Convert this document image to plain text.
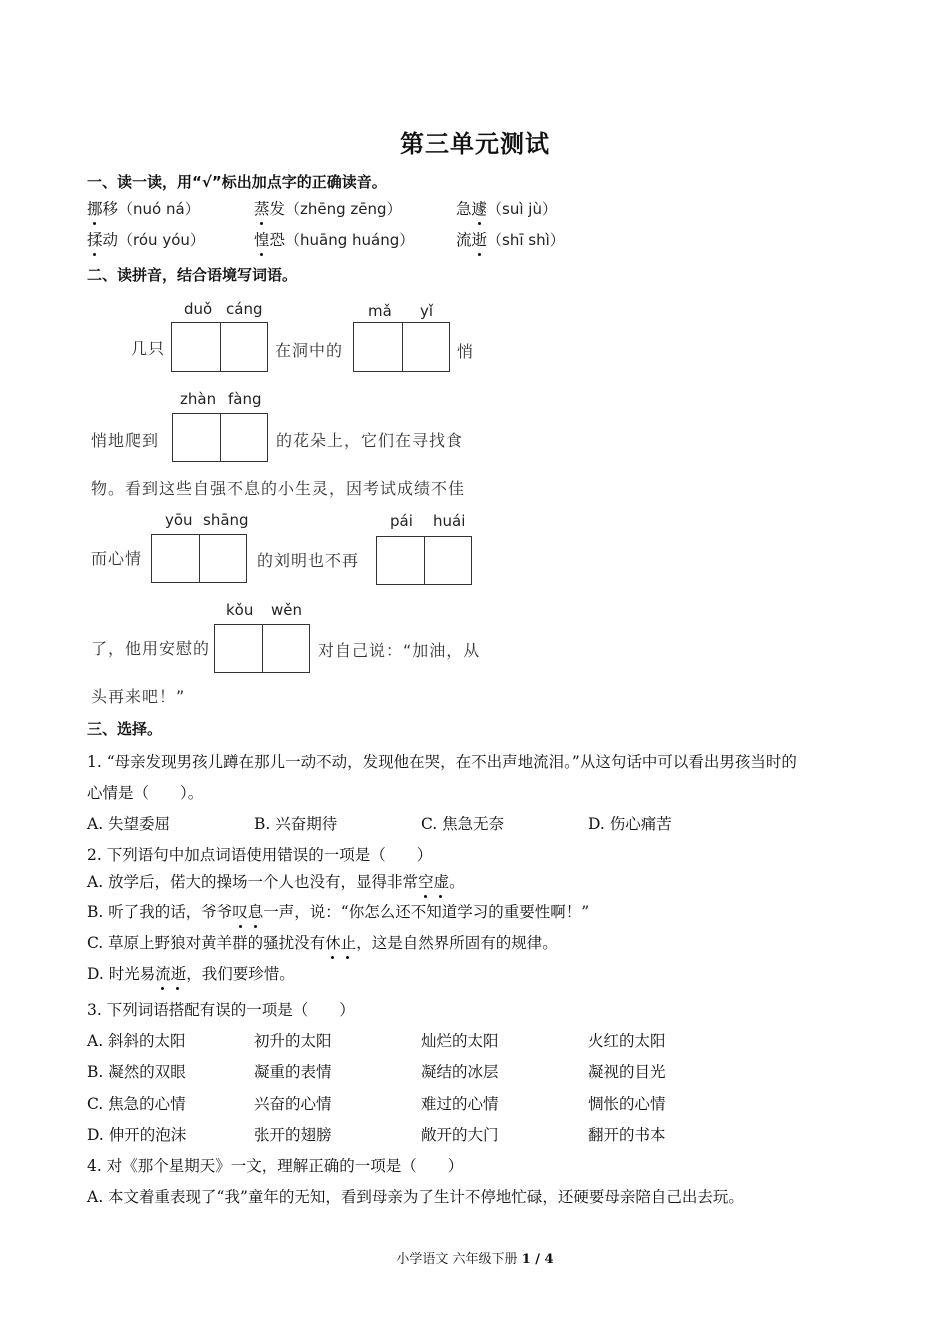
第三单元测试
一、读一读，用“√”标出加点字的正确读音。
挪移（nuó ná）	蒸发（zhēng zēng）	急遽（suì jù）
揉动（róu yóu）	惶恐（huāng huáng）	流逝（shī shì）
二、读拼音，结合语境写词语。
duǒ cáng	mǎ yǐ
几只	在洞中的	悄
zhàn fàng
悄地爬到	的花朵上，它们在寻找食
物。看到这些自强不息的小生灵，因考试成绩不佳
yōu shāng	pái huái
而心情	的刘明也不再
kǒu wěn
了，他用安慰的	对自己说：“加油，从
头再来吧！”
三、选择。
1. “母亲发现男孩儿蹲在那儿一动不动，发现他在哭，在不出声地流泪。”从这句话中可以看出男孩当时的
心情是（　　）。
A. 失望委屈	B. 兴奋期待	C. 焦急无奈	D. 伤心痛苦
2. 下列语句中加点词语使用错误的一项是（　　）
A. 放学后，偌大的操场一个人也没有，显得非常空虚。
B. 听了我的话，爷爷叹息一声，说：“你怎么还不知道学习的重要性啊！”
C. 草原上野狼对黄羊群的骚扰没有休止，这是自然界所固有的规律。
D. 时光易流逝，我们要珍惜。
3. 下列词语搭配有误的一项是（　　）
A. 斜斜的太阳	初升的太阳	灿烂的太阳	火红的太阳
B. 凝然的双眼	凝重的表情	凝结的冰层	凝视的目光
C. 焦急的心情	兴奋的心情	难过的心情	惆怅的心情
D. 伸开的泡沫	张开的翅膀	敞开的大门	翻开的书本
4. 对《那个星期天》一文，理解正确的一项是（　　）
A. 本文着重表现了“我”童年的无知，看到母亲为了生计不停地忙碌，还硬要母亲陪自己出去玩。
小学语文 六年级下册 1 / 4
